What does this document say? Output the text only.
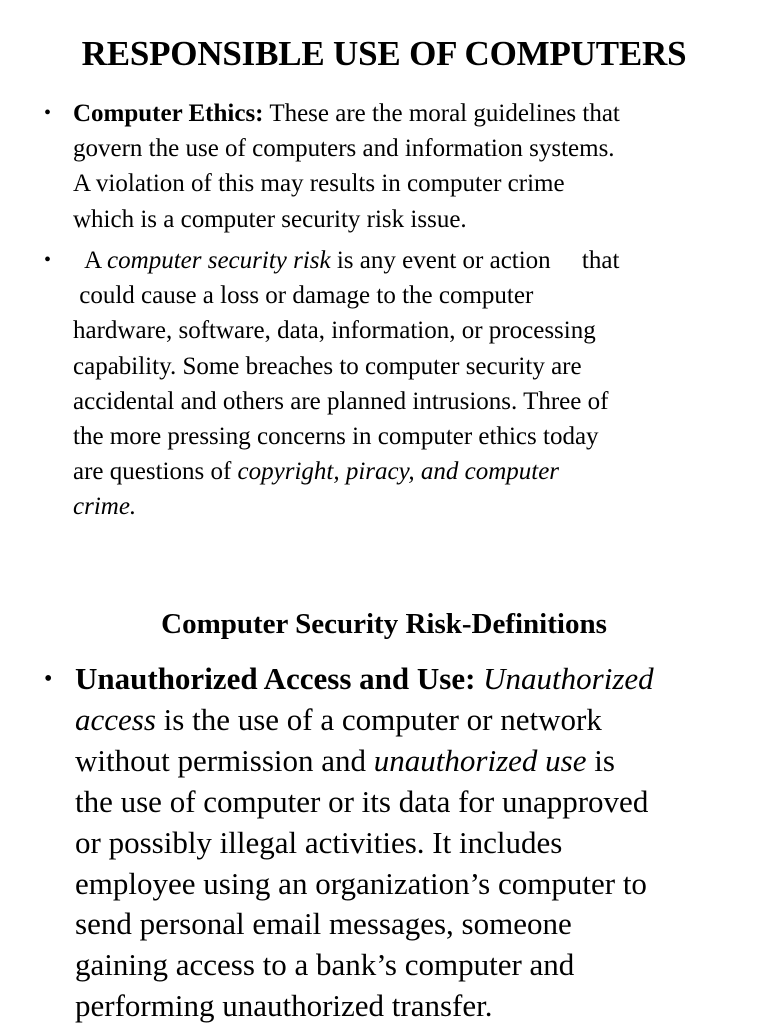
RESPONSIBLE USE OF COMPUTERS
• Computer Ethics: These are the moral guidelines that
govern the use of computers and information systems.
A violation of this may results in computer crime
which is a computer security risk issue.
• A computer security risk is any event or action     that
could cause a loss or damage to the computer
hardware, software, data, information, or processing
capability. Some breaches to computer security are
accidental and others are planned intrusions. Three of
the more pressing concerns in computer ethics today
are questions of copyright, piracy, and computer
crime.
Computer Security Risk-Definitions
• Unauthorized Access and Use: Unauthorized
access is the use of a computer or network
without permission and unauthorized use is
the use of computer or its data for unapproved
or possibly illegal activities. It includes
employee using an organization’s computer to
send personal email messages, someone
gaining access to a bank’s computer and
performing unauthorized transfer.
